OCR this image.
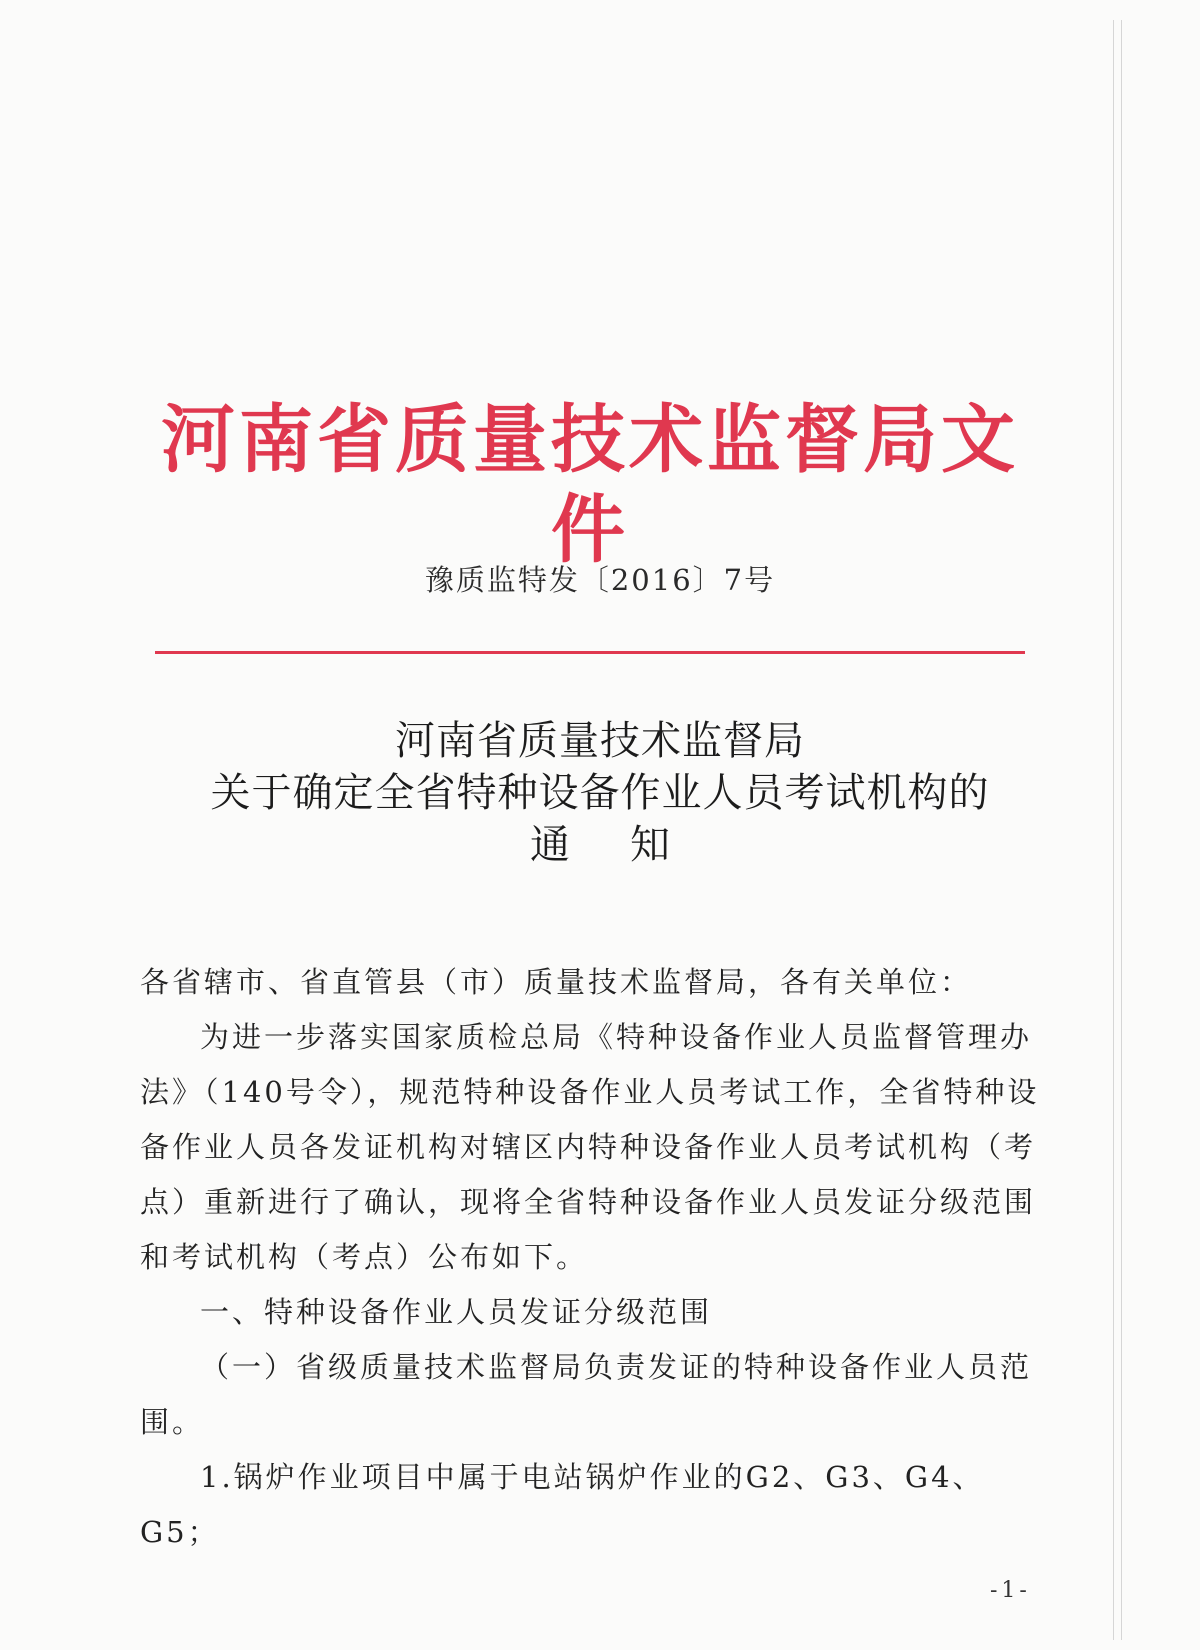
河南省质量技术监督局文件
豫质监特发〔2016〕7号
河南省质量技术监督局
关于确定全省特种设备作业人员考试机构的
通知

各省辖市、省直管县（市）质量技术监督局，各有关单位：

为进一步落实国家质检总局《特种设备作业人员监督管理办法》（140号令），规范特种设备作业人员考试工作，全省特种设备作业人员各发证机构对辖区内特种设备作业人员考试机构（考点）重新进行了确认，现将全省特种设备作业人员发证分级范围和考试机构（考点）公布如下。

一、特种设备作业人员发证分级范围

（一）省级质量技术监督局负责发证的特种设备作业人员范围。

1.锅炉作业项目中属于电站锅炉作业的G2、G3、G4、G5；

-1-
